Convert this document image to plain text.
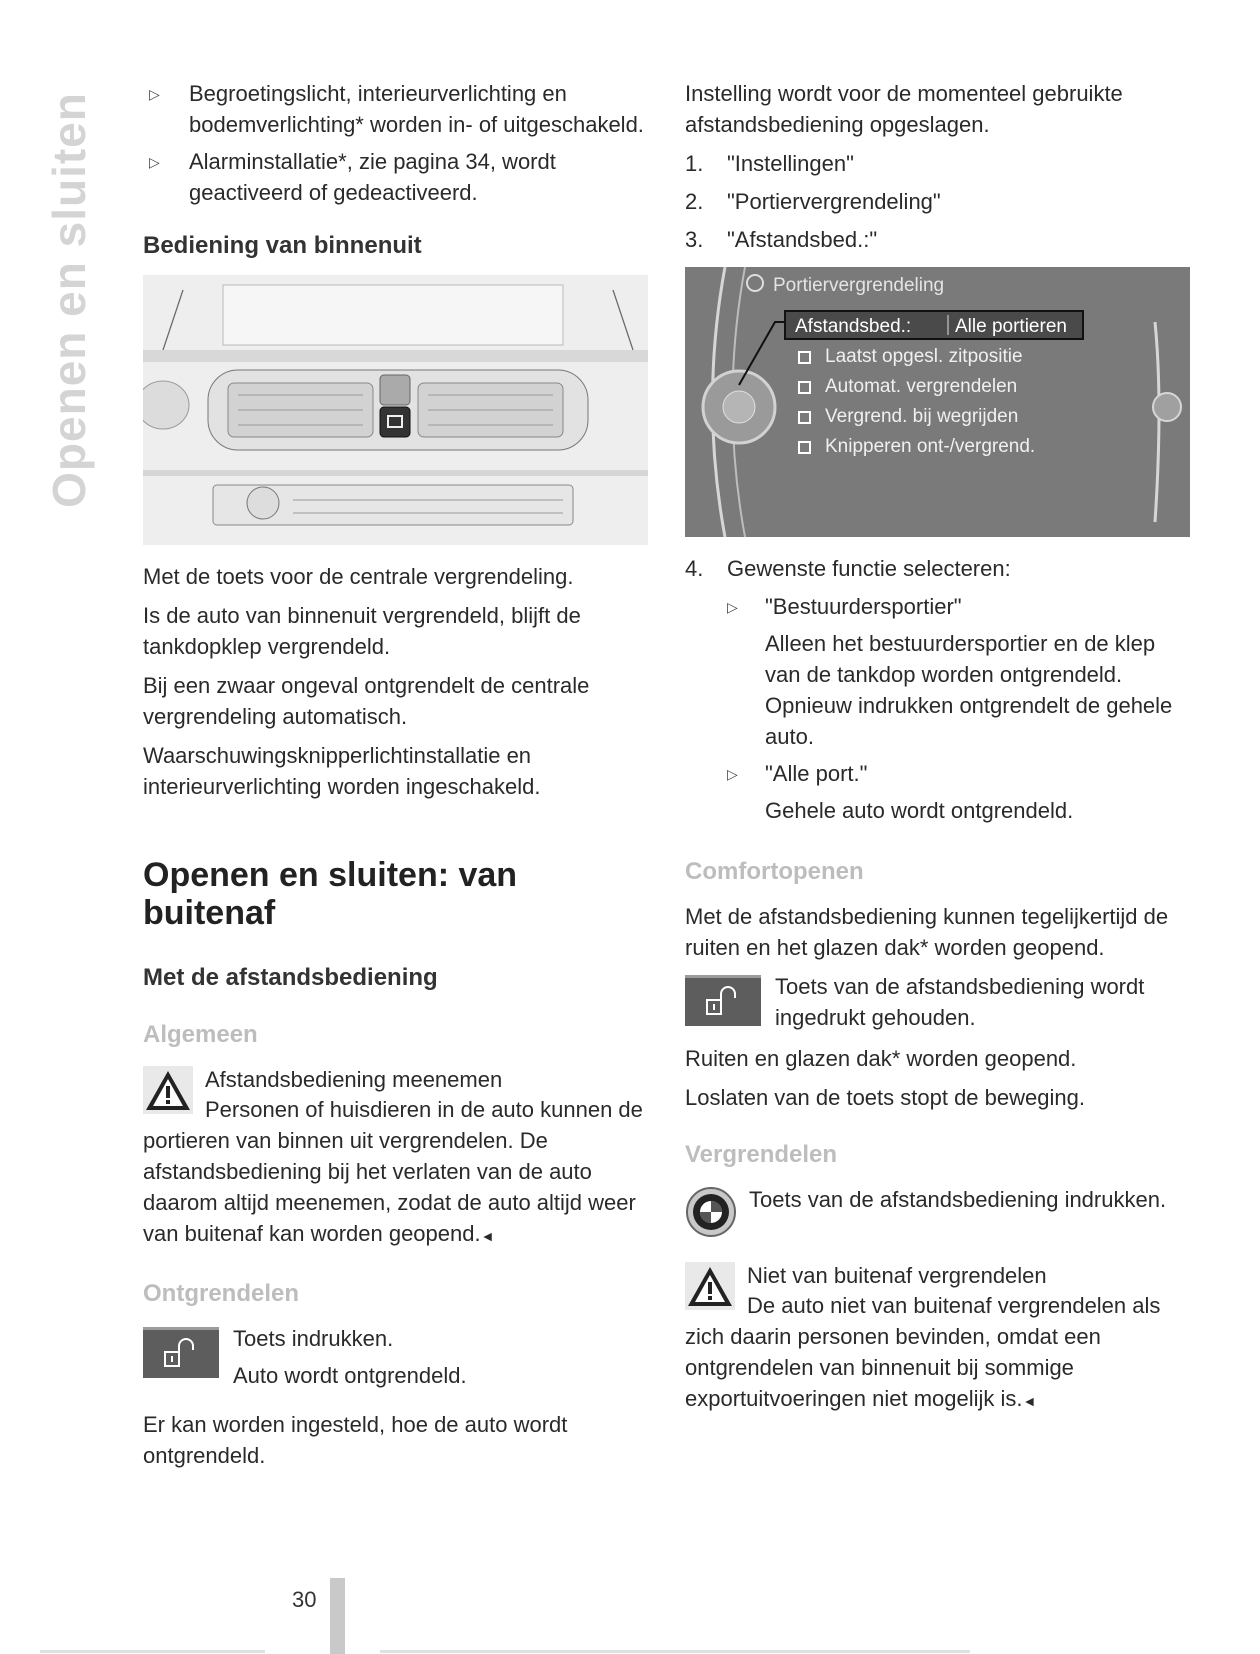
Openen en sluiten	▷ Begroetingslicht, interieurverlichting en bodemverlichting* worden in- of uitgeschakeld.
▷ Alarminstallatie*, zie pagina 34, wordt geactiveerd of gedeactiveerd.
Bediening van binnenuit

Met de toets voor de centrale vergrendeling.

Is de auto van binnenuit vergrendeld, blijft de tankdopklep vergrendeld.

Bij een zwaar ongeval ontgrendelt de centrale vergrendeling automatisch.

Waarschuwingsknipperlichtinstallatie en interieurverlichting worden ingeschakeld.

Openen en sluiten: van buitenaf
Met de afstandsbediening
Algemeen
Afstandsbediening meenemen
Personen of huisdieren in de auto kunnen de portieren van binnen uit vergrendelen. De afstandsbediening bij het verlaten van de auto daarom altijd meenemen, zodat de auto altijd weer van buitenaf kan worden geopend.◄
Ontgrendelen
Toets indrukken.
Auto wordt ontgrendeld.

Er kan worden ingesteld, hoe de auto wordt ontgrendeld.

Instelling wordt voor de momenteel gebruikte afstandsbediening opgeslagen.

1. "Instellingen"
2. "Portiervergrendeling"
3. "Afstandsbed.:"
Portiervergrendeling
Afstandsbed.: Alle portieren
Laatst opgesl. zitpositie
Automat. vergrendelen
Vergrend. bij wegrijden
Knipperen ont-/vergrend.
4. Gewenste functie selecteren:
▷ "Bestuurdersportier"
Alleen het bestuurdersportier en de klep van de tankdop worden ontgrendeld. Opnieuw indrukken ontgrendelt de gehele auto.
▷ "Alle port."
Gehele auto wordt ontgrendeld.
Comfortopenen

Met de afstandsbediening kunnen tegelijkertijd de ruiten en het glazen dak* worden geopend.

Toets van de afstandsbediening wordt ingedrukt gehouden.

Ruiten en glazen dak* worden geopend.

Loslaten van de toets stopt de beweging.

Vergrendelen
Toets van de afstandsbediening indrukken.
Niet van buitenaf vergrendelen
De auto niet van buitenaf vergrendelen als zich daarin personen bevinden, omdat een ontgrendelen van binnenuit bij sommige exportuitvoeringen niet mogelijk is.◄
30
